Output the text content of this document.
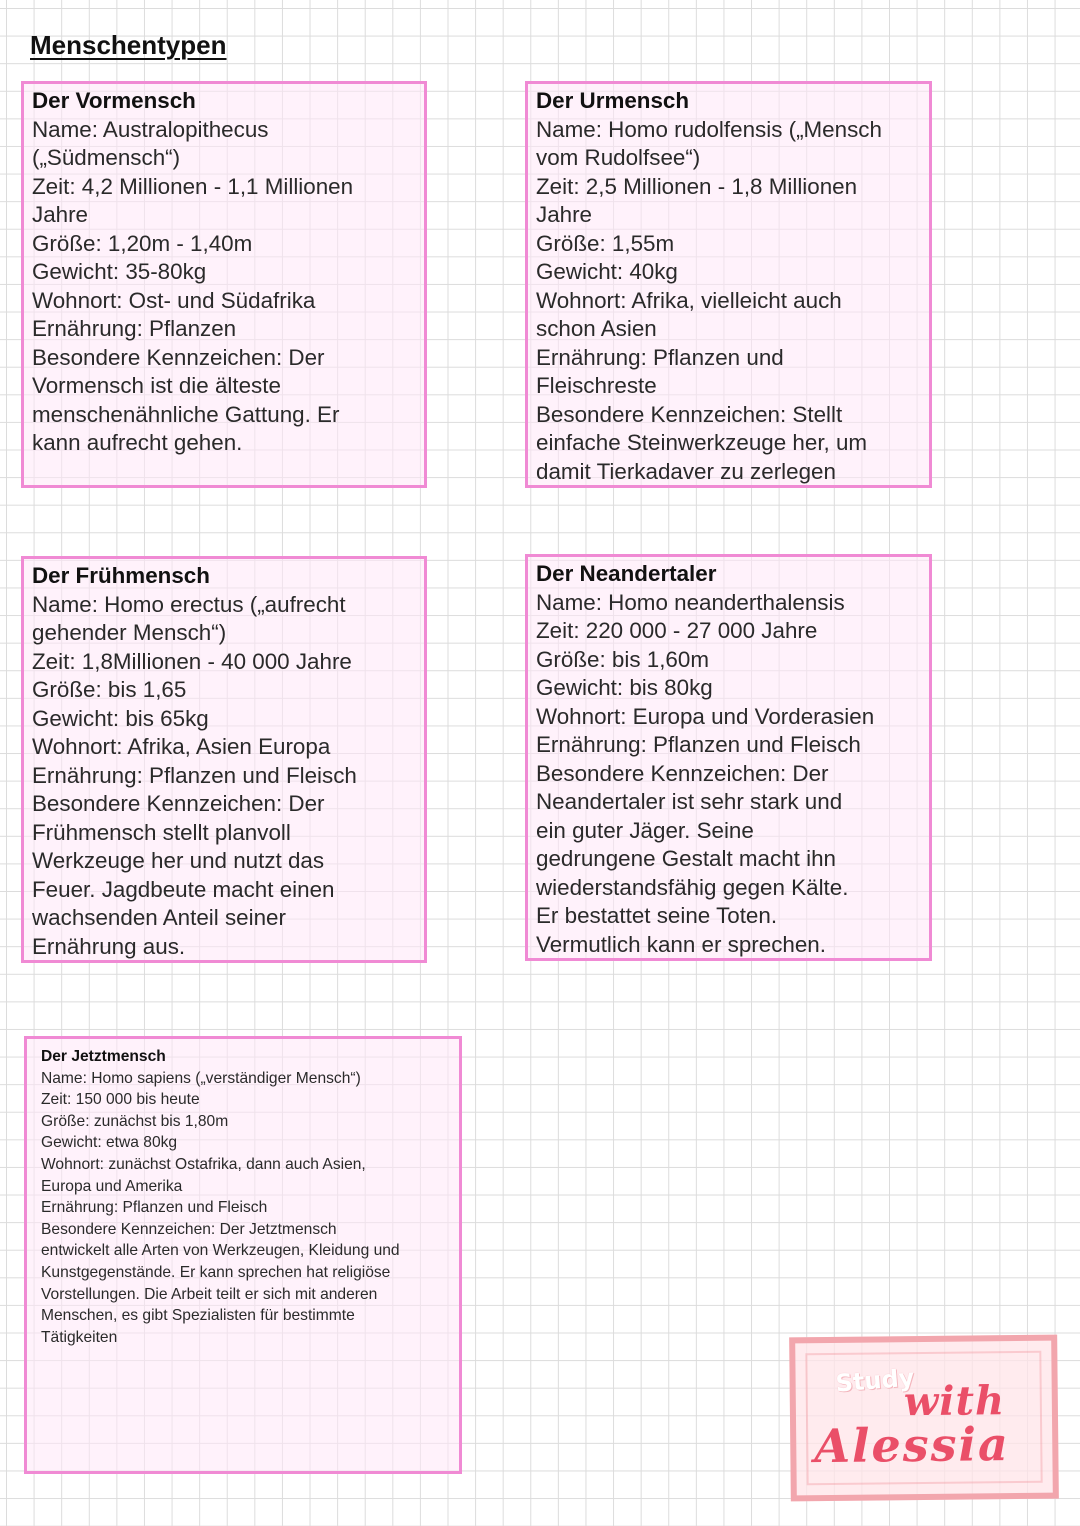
Menschentypen
Der Vormensch
Name: Australopithecus
(„Südmensch“)
Zeit: 4,2 Millionen - 1,1 Millionen
Jahre
Größe: 1,20m - 1,40m
Gewicht: 35-80kg
Wohnort: Ost- und Südafrika
Ernährung: Pflanzen
Besondere Kennzeichen: Der
Vormensch ist die älteste
menschenähnliche Gattung. Er
kann aufrecht gehen.
Der Urmensch
Name: Homo rudolfensis („Mensch
vom Rudolfsee“)
Zeit: 2,5 Millionen - 1,8 Millionen
Jahre
Größe: 1,55m
Gewicht: 40kg
Wohnort: Afrika, vielleicht auch
schon Asien
Ernährung: Pflanzen und
Fleischreste
Besondere Kennzeichen: Stellt
einfache Steinwerkzeuge her, um
damit Tierkadaver zu zerlegen
Der Frühmensch
Name: Homo erectus („aufrecht
gehender Mensch“)
Zeit: 1,8Millionen - 40 000 Jahre
Größe: bis 1,65
Gewicht: bis 65kg
Wohnort: Afrika, Asien Europa
Ernährung: Pflanzen und Fleisch
Besondere Kennzeichen: Der
Frühmensch stellt planvoll
Werkzeuge her und nutzt das
Feuer. Jagdbeute macht einen
wachsenden Anteil seiner
Ernährung aus.
Der Neandertaler
Name: Homo neanderthalensis
Zeit: 220 000 - 27 000 Jahre
Größe: bis 1,60m
Gewicht: bis 80kg
Wohnort: Europa und Vorderasien
Ernährung: Pflanzen und Fleisch
Besondere Kennzeichen: Der
Neandertaler ist sehr stark und
ein guter Jäger. Seine
gedrungene Gestalt macht ihn
wiederstandsfähig gegen Kälte.
Er bestattet seine Toten.
Vermutlich kann er sprechen.
Der Jetztmensch
Name: Homo sapiens („verständiger Mensch“)
Zeit: 150 000 bis heute
Größe: zunächst bis 1,80m
Gewicht: etwa 80kg
Wohnort: zunächst Ostafrika, dann auch Asien,
Europa und Amerika
Ernährung: Pflanzen und Fleisch
Besondere Kennzeichen: Der Jetztmensch
entwickelt alle Arten von Werkzeugen, Kleidung und
Kunstgegenstände. Er kann sprechen hat religiöse
Vorstellungen. Die Arbeit teilt er sich mit anderen
Menschen, es gibt Spezialisten für bestimmte
Tätigkeiten
Study
with
Alessia
